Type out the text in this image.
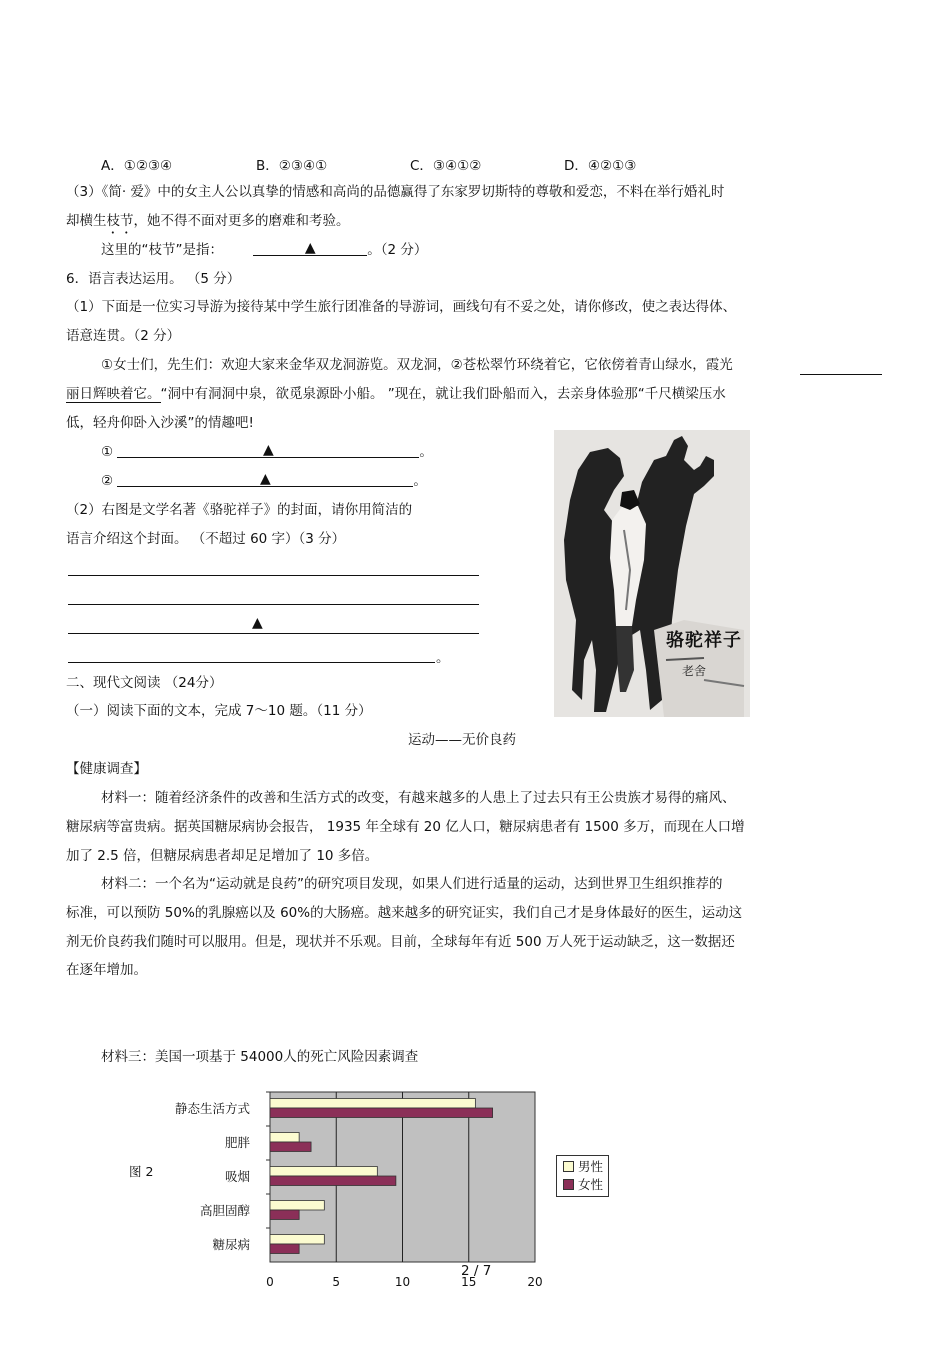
A．①②③④	B．②③④①	C．③④①②	D．④②①③
（3）《简· 爱》中的女主人公以真挚的情感和高尚的品德赢得了东家罗切斯特的尊敬和爱恋，不料在举行婚礼时
却横生枝节，她不得不面对更多的磨难和考验。
这里的“枝节”是指：	▲	。（2 分）
6．语言表达运用。 （5 分）
（1）下面是一位实习导游为接待某中学生旅行团准备的导游词，画线句有不妥之处，请你修改，使之表达得体、
语意连贯。（2 分）
①女士们，先生们：欢迎大家来金华双龙洞游览。双龙洞，②苍松翠竹环绕着它，它依傍着青山绿水，霞光
丽日辉映着它。“洞中有洞洞中泉，欲觅泉源卧小船。 ”现在，就让我们卧船而入，去亲身体验那“千尺横梁压水
低，轻舟仰卧入沙溪”的情趣吧!
①	▲	。
②	▲	。
（2）右图是文学名著《骆驼祥子》的封面，请你用简洁的
语言介绍这个封面。 （不超过 60 字）（3 分）
▲
。
骆驼祥子
老舍
二、现代文阅读 （24分）
（一）阅读下面的文本，完成 7～10 题。（11 分）
运动——无价良药
【健康调查】
材料一：随着经济条件的改善和生活方式的改变，有越来越多的人患上了过去只有王公贵族才易得的痛风、
糖尿病等富贵病。据英国糖尿病协会报告， 1935 年全球有 20 亿人口，糖尿病患者有 1500 多万，而现在人口增
加了 2.5 倍，但糖尿病患者却足足增加了 10 多倍。
材料二：一个名为“运动就是良药”的研究项目发现，如果人们进行适量的运动，达到世界卫生组织推荐的
标准，可以预防 50%的乳腺癌以及 60%的大肠癌。越来越多的研究证实，我们自己才是身体最好的医生，运动这
剂无价良药我们随时可以服用。但是，现状并不乐观。目前，全球每年有近 500 万人死于运动缺乏，这一数据还
在逐年增加。
材料三：美国一项基于 54000人的死亡风险因素调查
图 2
0	5	10	15	20
静态生活方式
肥胖
吸烟
高胆固醇
糖尿病
男性
女性
2 / 7
